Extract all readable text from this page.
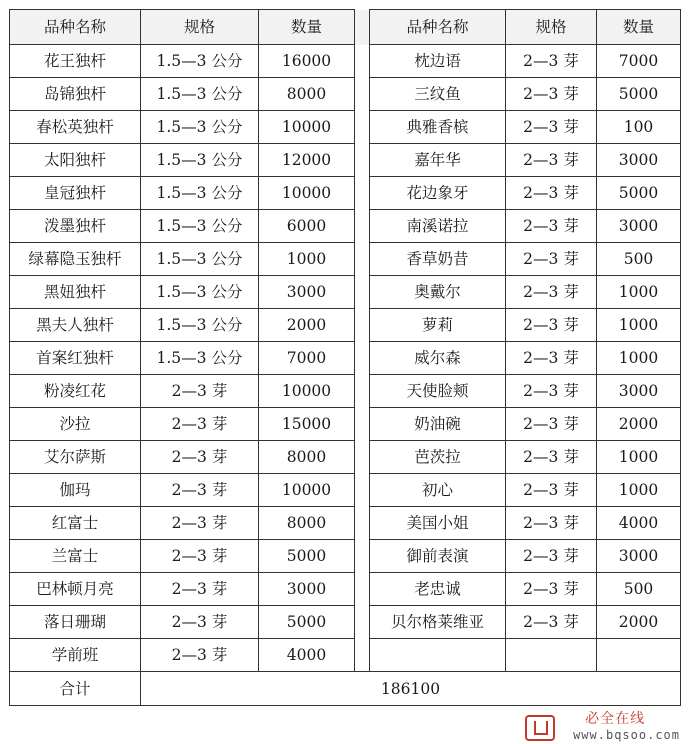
品种名称	规格	数量		品种名称	规格	数量
花王独杆	1.5—3 公分	16000		枕边语	2—3 芽	7000
岛锦独杆	1.5—3 公分	8000		三纹鱼	2—3 芽	5000
春松英独杆	1.5—3 公分	10000		典雅香槟	2—3 芽	100
太阳独杆	1.5—3 公分	12000		嘉年华	2—3 芽	3000
皇冠独杆	1.5—3 公分	10000		花边象牙	2—3 芽	5000
泼墨独杆	1.5—3 公分	6000		南溪诺拉	2—3 芽	3000
绿幕隐玉独杆	1.5—3 公分	1000		香草奶昔	2—3 芽	500
黑妞独杆	1.5—3 公分	3000		奥戴尔	2—3 芽	1000
黑夫人独杆	1.5—3 公分	2000		萝莉	2—3 芽	1000
首案红独杆	1.5—3 公分	7000		威尔森	2—3 芽	1000
粉凌红花	2—3 芽	10000		天使脸颊	2—3 芽	3000
沙拉	2—3 芽	15000		奶油碗	2—3 芽	2000
艾尔萨斯	2—3 芽	8000		芭茨拉	2—3 芽	1000
伽玛	2—3 芽	10000		初心	2—3 芽	1000
红富士	2—3 芽	8000		美国小姐	2—3 芽	4000
兰富士	2—3 芽	5000		御前表演	2—3 芽	3000
巴林顿月亮	2—3 芽	3000		老忠诚	2—3 芽	500
落日珊瑚	2—3 芽	5000		贝尔格莱维亚	2—3 芽	2000
学前班	2—3 芽	4000				
合计	186100					
必全在线
www.bqsoo.com
